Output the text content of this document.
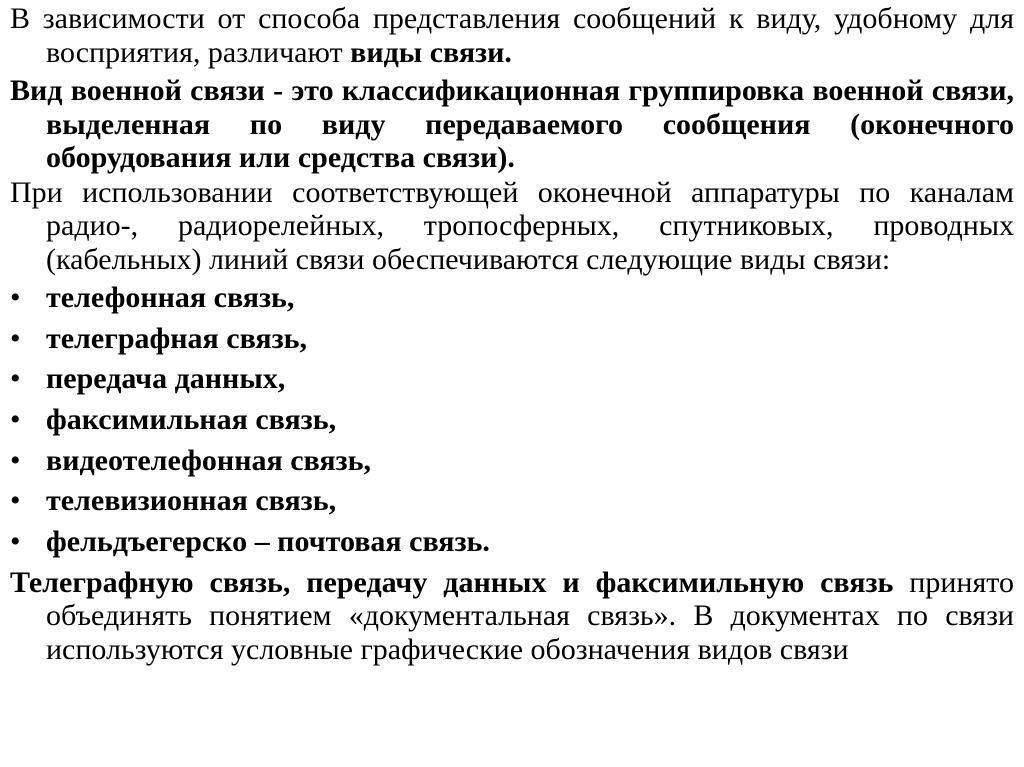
В зависимости от способа представления сообщений к виду, удобному для восприятия, различают виды связи.

Вид военной связи - это классификационная группировка военной связи, выделенная по виду передаваемого сообщения (оконечного оборудования или средства связи).

При использовании соответствующей оконечной аппаратуры по каналам радио-, радиорелейных, тропосферных, спутниковых, проводных (кабельных) линий связи обеспечиваются следующие виды связи:

• телефонная связь,
• телеграфная связь,
• передача данных,
• факсимильная связь,
• видеотелефонная связь,
• телевизионная связь,
• фельдъегерско – почтовая связь.

Телеграфную связь, передачу данных и факсимильную связь принято объединять понятием «документальная связь». В документах по связи используются условные графические обозначения видов связи
